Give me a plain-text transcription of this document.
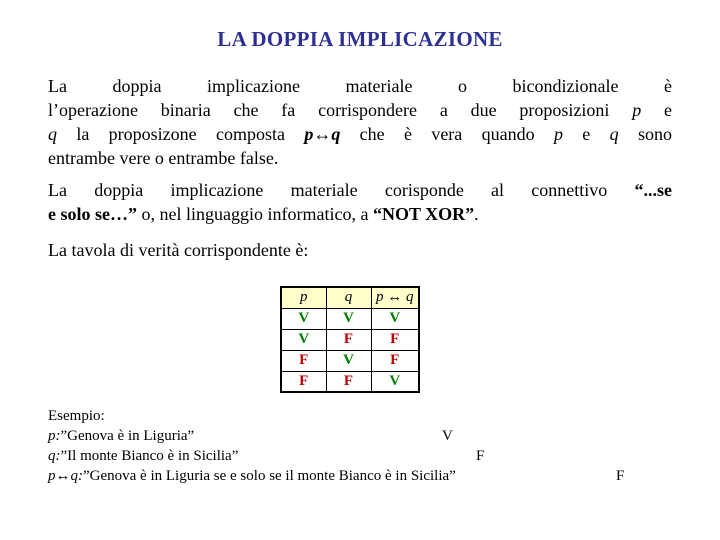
LA DOPPIA IMPLICAZIONE
La doppia implicazione materiale o bicondizionale è
l’operazione binaria che fa corrispondere a due proposizioni p e
q la proposizone composta p↔q che è vera quando p e q sono
entrambe vere o entrambe false.
La doppia implicazione materiale corisponde al connettivo “...se
e solo se…” o, nel linguaggio informatico, a “NOT XOR”.
La tavola di verità corrispondente è:
p	q	p ↔ q
V	V	V
V	F	F
F	V	F
F	F	V
Esempio:
p:”Genova è in Liguria”	V
q:”Il monte Bianco è in Sicilia”	F
p↔q:”Genova è in Liguria se e solo se il monte Bianco è in Sicilia”	F
